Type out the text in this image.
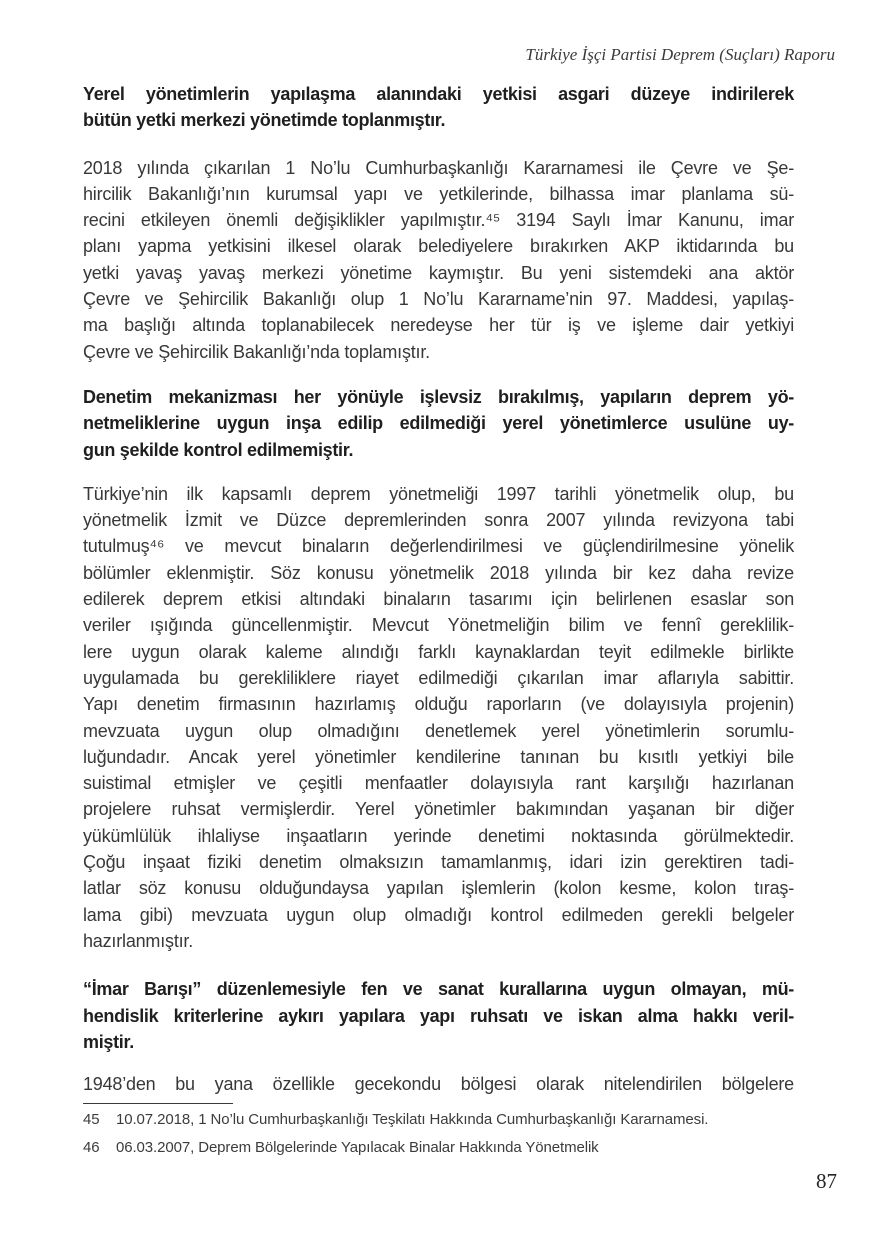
Türkiye İşçi Partisi Deprem (Suçları) Raporu
Yerel yönetimlerin yapılaşma alanındaki yetkisi asgari düzeye indirilerek
bütün yetki merkezi yönetimde toplanmıştır.
2018 yılında çıkarılan 1 No’lu Cumhurbaşkanlığı Kararnamesi ile Çevre ve Şe-
hircilik Bakanlığı’nın kurumsal yapı ve yetkilerinde, bilhassa imar planlama sü-
recini etkileyen önemli değişiklikler yapılmıştır.⁴⁵ 3194 Saylı İmar Kanunu, imar
planı yapma yetkisini ilkesel olarak belediyelere bırakırken AKP iktidarında bu
yetki yavaş yavaş merkezi yönetime kaymıştır. Bu yeni sistemdeki ana aktör
Çevre ve Şehircilik Bakanlığı olup 1 No’lu Kararname’nin 97. Maddesi, yapılaş-
ma başlığı altında toplanabilecek neredeyse her tür iş ve işleme dair yetkiyi
Çevre ve Şehircilik Bakanlığı’nda toplamıştır.
Denetim mekanizması her yönüyle işlevsiz bırakılmış, yapıların deprem yö-
netmeliklerine uygun inşa edilip edilmediği yerel yönetimlerce usulüne uy-
gun şekilde kontrol edilmemiştir.
Türkiye’nin ilk kapsamlı deprem yönetmeliği 1997 tarihli yönetmelik olup, bu
yönetmelik İzmit ve Düzce depremlerinden sonra 2007 yılında revizyona tabi
tutulmuş⁴⁶ ve mevcut binaların değerlendirilmesi ve güçlendirilmesine yönelik
bölümler eklenmiştir. Söz konusu yönetmelik 2018 yılında bir kez daha revize
edilerek deprem etkisi altındaki binaların tasarımı için belirlenen esaslar son
veriler ışığında güncellenmiştir. Mevcut Yönetmeliğin bilim ve fennî gereklilik-
lere uygun olarak kaleme alındığı farklı kaynaklardan teyit edilmekle birlikte
uygulamada bu gerekliliklere riayet edilmediği çıkarılan imar aflarıyla sabittir.
Yapı denetim firmasının hazırlamış olduğu raporların (ve dolayısıyla projenin)
mevzuata uygun olup olmadığını denetlemek yerel yönetimlerin sorumlu-
luğundadır. Ancak yerel yönetimler kendilerine tanınan bu kısıtlı yetkiyi bile
suistimal etmişler ve çeşitli menfaatler dolayısıyla rant karşılığı hazırlanan
projelere ruhsat vermişlerdir. Yerel yönetimler bakımından yaşanan bir diğer
yükümlülük ihlaliyse inşaatların yerinde denetimi noktasında görülmektedir.
Çoğu inşaat fiziki denetim olmaksızın tamamlanmış, idari izin gerektiren tadi-
latlar söz konusu olduğundaysa yapılan işlemlerin (kolon kesme, kolon tıraş-
lama gibi) mevzuata uygun olup olmadığı kontrol edilmeden gerekli belgeler
hazırlanmıştır.
“İmar Barışı” düzenlemesiyle fen ve sanat kurallarına uygun olmayan, mü-
hendislik kriterlerine aykırı yapılara yapı ruhsatı ve iskan alma hakkı veril-
miştir.
1948’den bu yana özellikle gecekondu bölgesi olarak nitelendirilen bölgelere
45	10.07.2018, 1 No’lu Cumhurbaşkanlığı Teşkilatı Hakkında Cumhurbaşkanlığı Kararnamesi.
46	06.03.2007, Deprem Bölgelerinde Yapılacak Binalar Hakkında Yönetmelik
87
